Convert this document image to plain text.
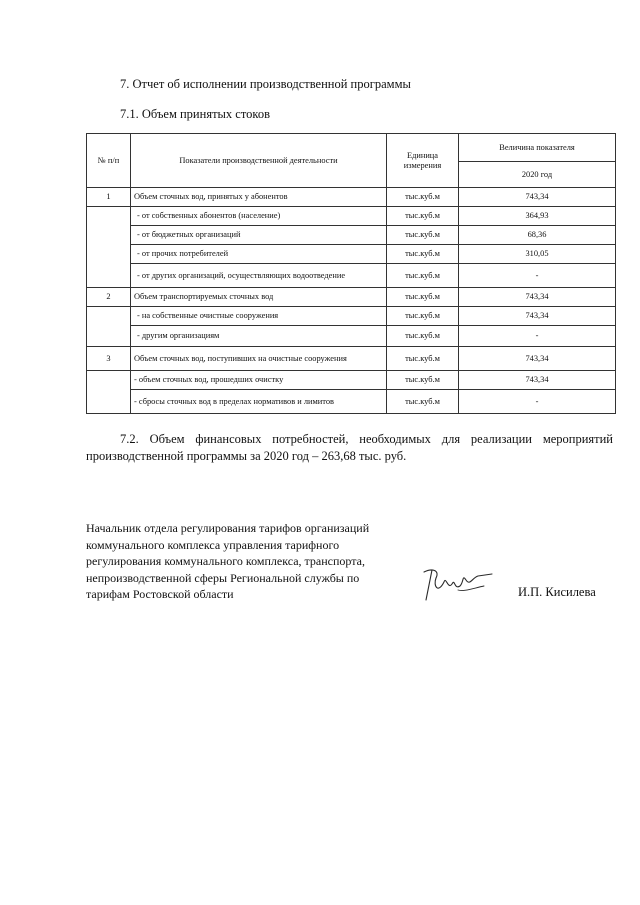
7. Отчет об исполнении производственной программы
7.1. Объем принятых стоков
№ п/п	Показатели производственной деятельности	Единица измерения	Величина показателя
			2020 год
1	Объем сточных вод, принятых у абонентов	тыс.куб.м	743,34
	- от собственных абонентов (население)	тыс.куб.м	364,93
	- от бюджетных организаций	тыс.куб.м	68,36
	- от прочих потребителей	тыс.куб.м	310,05
	- от других организаций, осуществляющих водоотведение	тыс.куб.м	-
2	Объем транспортируемых сточных вод	тыс.куб.м	743,34
	- на собственные очистные сооружения	тыс.куб.м	743,34
	- другим организациям	тыс.куб.м	-
3	Объем сточных вод, поступивших на очистные сооружения	тыс.куб.м	743,34
	- объем сточных вод, прошедших очистку	тыс.куб.м	743,34
	- сбросы сточных вод в пределах нормативов и лимитов	тыс.куб.м	-
7.2. Объем финансовых потребностей, необходимых для реализации мероприятий производственной программы за 2020 год – 263,68 тыс. руб.
Начальник отдела регулирования тарифов организаций
коммунального комплекса управления тарифного
регулирования коммунального комплекса, транспорта,
непроизводственной сферы Региональной службы по
тарифам Ростовской области	И.П. Кисилева
